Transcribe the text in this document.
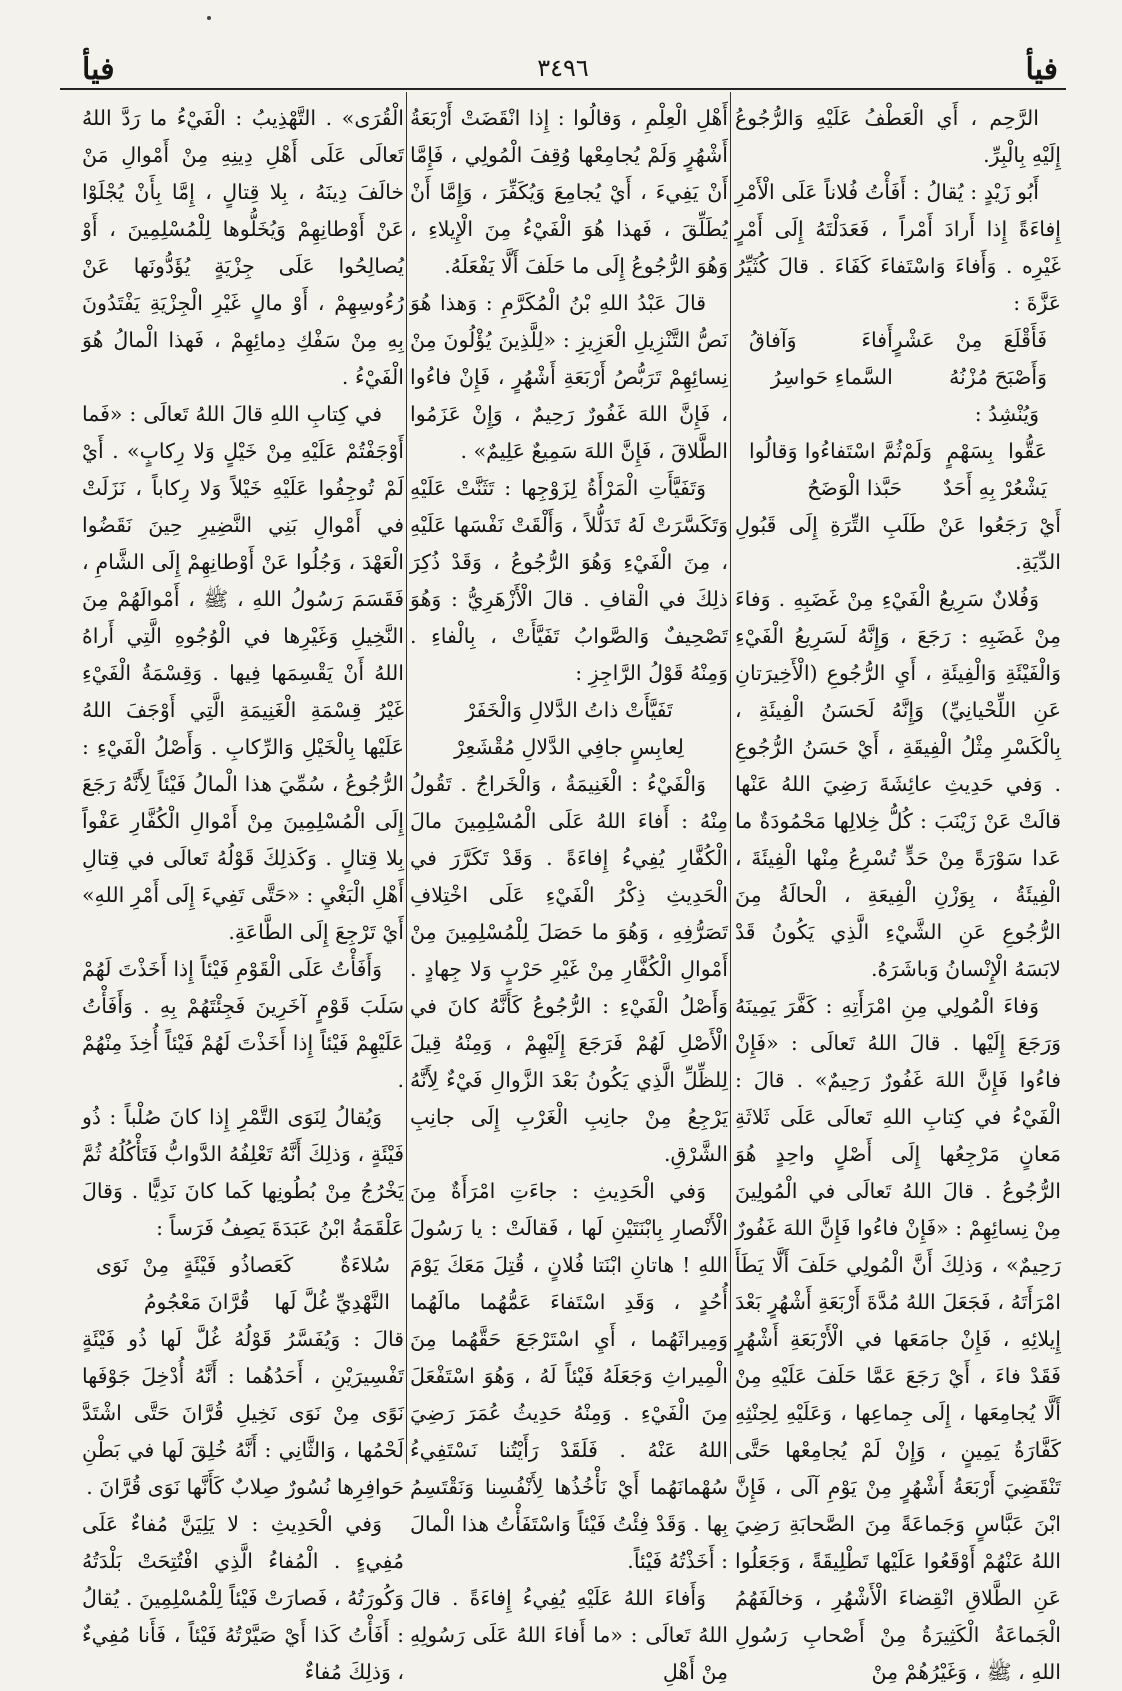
فيأ
٣٤٩٦
فيأ

الرَّحِم ، أَي الْعَطْفُ عَلَيْهِ وَالرُّجُوعُ إِلَيْهِ بِالْبِرِّ.

أَبُو زَيْدٍ : يُقالُ : أَفَأْتُ فُلاناً عَلَى الْأَمْرِ إِفاءَةً إِذا أَرادَ أَمْراً ، فَعَدَلْتَهُ إِلَى أَمْرٍ غَيْرِه . وَأَفاءَ وَاسْتَفاءَ كَفَاءَ . قالَ كُثَيِّرُ عَزَّةَ :

فَأَقْلَعَ مِنْ عَشْرٍ وَأَصْبَحَ مُزْنُهُ
أَفاءَ وَآفاقُ السَّماءِ حَواسِرُ

وَيُنْشِدُ :

عَقُّوا بِسَهْمٍ وَلَمْ يَشْعُرْ بِهِ أَحَدٌ
ثُمَّ اسْتَفاءُوا وَقالُوا حَبَّذا الْوَضَحُ

أَيْ رَجَعُوا عَنْ طَلَبِ التِّرَةِ إِلَى قَبُولِ الدِّيَةِ.

وَفُلانٌ سَرِيعُ الْفَيْءِ مِنْ غَضَبِهِ . وَفاءَ مِنْ غَضَبِهِ : رَجَعَ ، وَإِنَّهُ لَسَرِيعُ الْفَيْءِ وَالْفَيْئَةِ وَالْفِيئَةِ ، أَيِ الرُّجُوعِ (الْأَخِيرَتانِ عَنِ اللِّحْيانِيِّ) وَإِنَّهُ لَحَسَنُ الْفِيئَةِ ، بِالْكَسْرِ مِثْلُ الْفِيقَةِ ، أَيْ حَسَنُ الرُّجُوعِ . وَفي حَدِيثِ عائِشَةَ رَضِيَ اللهُ عَنْها قالَتْ عَنْ زَيْنَبَ : كُلُّ خِلالِها مَحْمُودَةٌ ما عَدا سَوْرَةً مِنْ حَدٍّ تُسْرِعُ مِنْها الْفِيئَةَ ، الْفِيئَةُ ، بِوَزْنِ الْفِيعَةِ ، الْحالَةُ مِنَ الرُّجُوعِ عَنِ الشَّيْءِ الَّذِي يَكُونُ قَدْ لابَسَهُ الْإِنْسانُ وَباشَرَهُ.

وَفاءَ الْمُولِي مِنِ امْرَأَتِهِ : كَفَّرَ يَمِينَهُ وَرَجَعَ إِلَيْها . قالَ اللهُ تَعالَى : «فَإِنْ فاءُوا فَإِنَّ اللهَ غَفُورٌ رَحِيمٌ» . قالَ : الْفَيْءُ في كِتابِ اللهِ تَعالَى عَلَى ثَلاثَةِ مَعانٍ مَرْجِعُها إِلَى أَصْلٍ واحِدٍ هُوَ الرُّجُوعُ . قالَ اللهُ تَعالَى في الْمُولِينَ مِنْ نِسائِهِمْ : «فَإِنْ فاءُوا فَإِنَّ اللهَ غَفُورٌ رَحِيمٌ» ، وَذلِكَ أَنَّ الْمُولِي حَلَفَ أَلَّا يَطَأَ امْرَأَتَهُ ، فَجَعَلَ اللهُ مُدَّةَ أَرْبَعَةِ أَشْهُرٍ بَعْدَ إِيلائِهِ ، فَإِنْ جامَعَها في الْأَرْبَعَةِ أَشْهُرٍ فَقَدْ فاءَ ، أَيْ رَجَعَ عَمَّا حَلَفَ عَلَيْهِ مِنْ أَلَّا يُجامِعَها ، إِلَى جِماعِها ، وَعَلَيْهِ لِحِنْثِهِ كَفَّارَةُ يَمِينٍ ، وَإِنْ لَمْ يُجامِعْها حَتَّى تَنْقَضِيَ أَرْبَعَةُ أَشْهُرٍ مِنْ يَوْمِ آلَى ، فَإِنَّ ابْنَ عَبَّاسٍ وَجَماعَةً مِنَ الصَّحابَةِ رَضِيَ اللهُ عَنْهُمْ أَوْقَعُوا عَلَيْها تَطْلِيقَةً ، وَجَعَلُوا عَنِ الطَّلاقِ انْقِضاءَ الْأَشْهُرِ ، وَخالَفَهُمُ الْجَماعَةُ الْكَثِيرَةُ مِنْ أَصْحابِ رَسُولِ اللهِ ، ﷺ ، وَغَيْرُهُمْ مِنْ

أَهْلِ الْعِلْمِ ، وَقالُوا : إِذا انْقَضَتْ أَرْبَعَةُ أَشْهُرٍ وَلَمْ يُجامِعْها وُقِفَ الْمُولِي ، فَإِمَّا أَنْ يَفِيءَ ، أَيْ يُجامِعَ وَيُكَفِّرَ ، وَإِمَّا أَنْ يُطَلِّقَ ، فَهذا هُوَ الْفَيْءُ مِنَ الْإِيلاءِ ، وَهُوَ الرُّجُوعُ إِلَى ما حَلَفَ أَلَّا يَفْعَلَهُ.

قالَ عَبْدُ اللهِ بْنُ الْمُكَرَّمِ : وَهذا هُوَ نَصُّ التَّنْزِيلِ الْعَزِيزِ : «لِلَّذِينَ يُؤْلُونَ مِنْ نِسائِهِمْ تَرَبُّصُ أَرْبَعَةِ أَشْهُرٍ ، فَإِنْ فاءُوا ، فَإِنَّ اللهَ غَفُورٌ رَحِيمٌ ، وَإِنْ عَزَمُوا الطَّلاقَ ، فَإِنَّ اللهَ سَمِيعٌ عَلِيمٌ» .

وَتَفَيَّأَتِ الْمَرْأَةُ لِزَوْجِها : تَثَنَّتْ عَلَيْهِ وَتَكَسَّرَتْ لَهُ تَدَلُّلاً ، وَأَلْقَتْ نَفْسَها عَلَيْهِ ، مِنَ الْفَيْءِ وَهُوَ الرُّجُوعُ ، وَقَدْ ذُكِرَ ذلِكَ في الْقافِ . قالَ الْأَزْهَرِيُّ : وَهُوَ تَصْحِيفٌ وَالصَّوابُ تَفَيَّأَتْ ، بِالْفاءِ . وَمِنْهُ قَوْلُ الرَّاجِزِ :

تَفَيَّأَتْ ذاتُ الدَّلالِ وَالْخَفَرْ

لِعابِسٍ جافِي الدَّلالِ مُقْشَعِرْ

وَالْفَيْءُ : الْغَنِيمَةُ ، وَالْخَراجُ . تَقُولُ مِنْهُ : أَفاءَ اللهُ عَلَى الْمُسْلِمِينَ مالَ الْكُفَّارِ يُفِيءُ إِفاءَةً . وَقَدْ تَكَرَّرَ في الْحَدِيثِ ذِكْرُ الْفَيْءِ عَلَى اخْتِلافِ تَصَرُّفِهِ ، وَهُوَ ما حَصَلَ لِلْمُسْلِمِينَ مِنْ أَمْوالِ الْكُفَّارِ مِنْ غَيْرِ حَرْبٍ وَلا جِهادٍ . وَأَصْلُ الْفَيْءِ : الرُّجُوعُ كَأَنَّهُ كانَ في الْأَصْلِ لَهُمْ فَرَجَعَ إِلَيْهِمْ ، وَمِنْهُ قِيلَ لِلظِّلِّ الَّذِي يَكُونُ بَعْدَ الزَّوالِ فَيْءٌ لِأَنَّهُ يَرْجِعُ مِنْ جانِبِ الْغَرْبِ إِلَى جانِبِ الشَّرْقِ.

وَفي الْحَدِيثِ : جاءَتِ امْرَأَةٌ مِنَ الْأَنْصارِ بِابْنَتَيْنِ لَها ، فَقالَتْ : يا رَسُولَ اللهِ ! هاتانِ ابْنَتا فُلانٍ ، قُتِلَ مَعَكَ يَوْمَ أُحُدٍ ، وَقَدِ اسْتَفاءَ عَمُّهُما مالَهُما وَمِيراثَهُما ، أَيِ اسْتَرْجَعَ حَقَّهُما مِنَ الْمِيراثِ وَجَعَلَهُ فَيْئاً لَهُ ، وَهُوَ اسْتَفْعَلَ مِنَ الْفَيْءِ . وَمِنْهُ حَدِيثُ عُمَرَ رَضِيَ اللهُ عَنْهُ . فَلَقَدْ رَأَيْتُنا نَسْتَفِيءُ سُهْمانَهُما أَيْ نَأْخُذُها لِأَنْفُسِنا وَنَقْتَسِمُ بِها . وَقَدْ فِئْتُ فَيْئاً وَاسْتَفَأْتُ هذا الْمالَ : أَخَذْتُهُ فَيْئاً.

وَأَفاءَ اللهُ عَلَيْهِ يُفِيءُ إِفاءَةً . قالَ اللهُ تَعالَى : «ما أَفاءَ اللهُ عَلَى رَسُولِهِ مِنْ أَهْلِ

الْقُرَى» . التَّهْذِيبُ : الْفَيْءُ ما رَدَّ اللهُ تَعالَى عَلَى أَهْلِ دِينِهِ مِنْ أَمْوالِ مَنْ خالَفَ دِينَهُ ، بِلا قِتالٍ ، إِمَّا بِأَنْ يُجْلَوْا عَنْ أَوْطانِهِمْ وَيُخَلُّوها لِلْمُسْلِمِينَ ، أَوْ يُصالِحُوا عَلَى جِزْيَةٍ يُؤَدُّونَها عَنْ رُءُوسِهِمْ ، أَوْ مالٍ غَيْرِ الْجِزْيَةِ يَفْتَدُونَ بِهِ مِنْ سَفْكِ دِمائِهِمْ ، فَهذا الْمالُ هُوَ الْفَيْءُ .

في كِتابِ اللهِ قالَ اللهُ تَعالَى : «فَما أَوْجَفْتُمْ عَلَيْهِ مِنْ خَيْلٍ وَلا رِكابٍ» . أَيْ لَمْ تُوجِفُوا عَلَيْهِ خَيْلاً وَلا رِكاباً ، نَزَلَتْ في أَمْوالِ بَنِي النَّضِيرِ حِينَ نَقَضُوا الْعَهْدَ ، وَجُلُوا عَنْ أَوْطانِهِمْ إِلَى الشَّامِ ، فَقَسَمَ رَسُولُ اللهِ ، ﷺ ، أَمْوالَهُمْ مِنَ النَّخِيلِ وَغَيْرِها في الْوُجُوهِ الَّتِي أَراهُ اللهُ أَنْ يَقْسِمَها فِيها . وَقِسْمَةُ الْفَيْءِ غَيْرُ قِسْمَةِ الْغَنِيمَةِ الَّتِي أَوْجَفَ اللهُ عَلَيْها بِالْخَيْلِ وَالرِّكابِ . وَأَصْلُ الْفَيْءِ : الرُّجُوعُ ، سُمِّيَ هذا الْمالُ فَيْئاً لِأَنَّهُ رَجَعَ إِلَى الْمُسْلِمِينَ مِنْ أَمْوالِ الْكُفَّارِ عَفْواً بِلا قِتالٍ . وَكَذلِكَ قَوْلُهُ تَعالَى في قِتالِ أَهْلِ الْبَغْيِ : «حَتَّى تَفِيءَ إِلَى أَمْرِ اللهِ» أَيْ تَرْجِعَ إِلَى الطَّاعَةِ.

وَأَفَأْتُ عَلَى الْقَوْمِ فَيْئاً إِذا أَخَذْتَ لَهُمْ سَلَبَ قَوْمٍ آخَرِينَ فَجِئْتَهُمْ بِهِ . وَأَفَأْتُ عَلَيْهِمْ فَيْئاً إِذا أَخَذْتَ لَهُمْ فَيْئاً أُخِذَ مِنْهُمْ .

وَيُقالُ لِنَوَى التَّمْرِ إِذا كانَ صُلْباً : ذُو فَيْئَةٍ ، وَذلِكَ أَنَّهُ تَعْلِفُهُ الدَّوابُّ فَتَأْكُلُهُ ثُمَّ يَخْرُجُ مِنْ بُطُونِها كَما كانَ نَدِيًّا . وَقالَ عَلْقَمَةُ ابْنُ عَبَدَةَ يَصِفُ فَرَساً :

سُلاءَةٌ كَعَصا النَّهْدِيِّ غُلَّ لَها
ذُو فَيْئَةٍ مِنْ نَوَى قُرَّانَ مَعْجُومُ

قالَ : وَيُفَسَّرُ قَوْلُهُ غُلَّ لَها ذُو فَيْئَةٍ تَفْسِيرَيْنِ ، أَحَدُهُما : أَنَّهُ أُدْخِلَ جَوْفَها نَوًى مِنْ نَوَى نَخِيلِ قُرَّانَ حَتَّى اشْتَدَّ لَحْمُها ، وَالثَّانِي : أَنَّهُ خُلِقَ لَها في بَطْنِ حَوافِرِها نُسُورٌ صِلابٌ كَأَنَّها نَوَى قُرَّانَ .

وَفي الْحَدِيثِ : لا يَلِيَنَّ مُفاءٌ عَلَى مُفِيءٍ . الْمُفاءُ الَّذِي افْتُتِحَتْ بَلْدَتُهُ وَكُورَتُهُ ، فَصارَتْ فَيْئاً لِلْمُسْلِمِينَ . يُقالُ : أَفَأْتُ كَذا أَيْ صَيَّرْتُهُ فَيْئاً ، فَأَنا مُفِيءٌ ، وَذلِكَ مُفاءٌ
